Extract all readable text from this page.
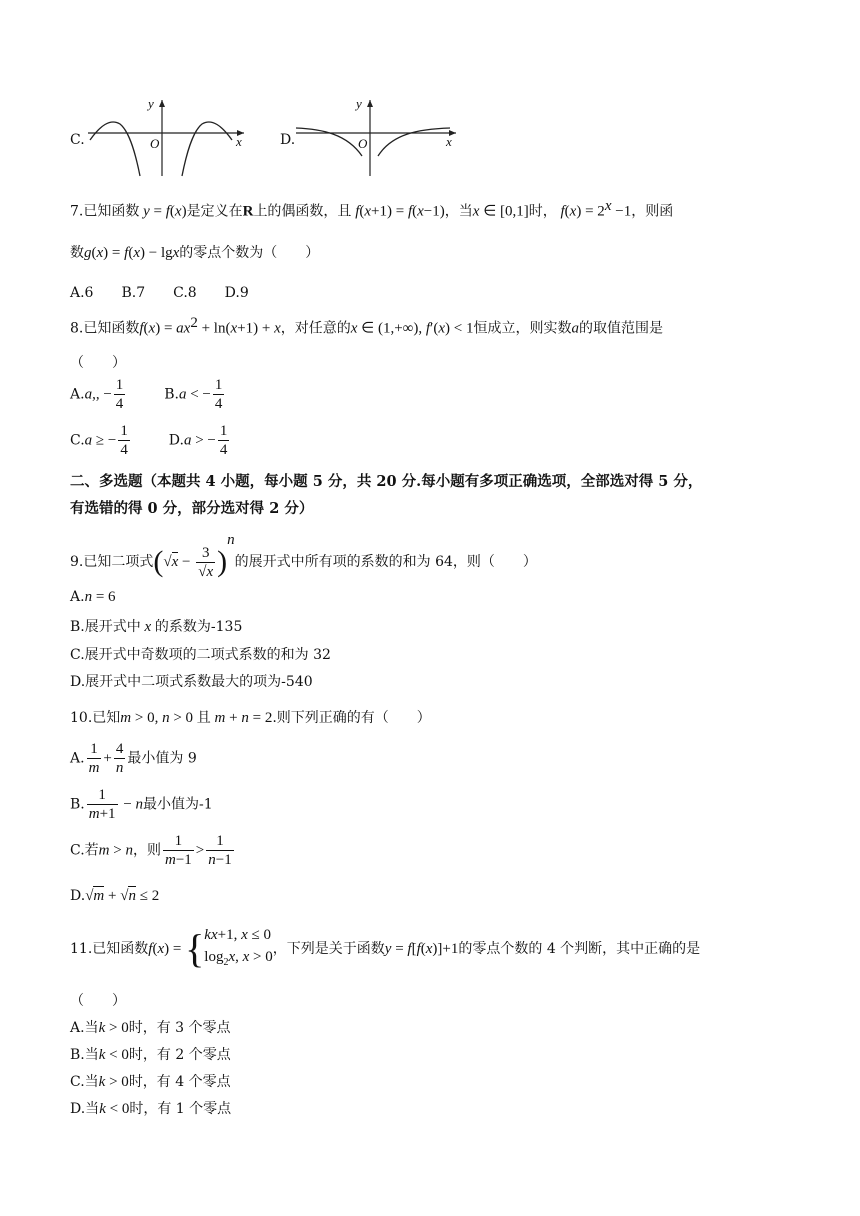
C.
y
O	x	D.
y
O	x
7.已知函数 y = f(x)是定义在R上的偶函数，且 f(x+1) = f(x−1)，当x ∈ [0,1]时， $f(x) = 2^x -1$，则函
数g(x) = f(x) − lgx的零点个数为（　　）
A.6　　B.7　　C.8　　D.9
8.已知函数$f(x) = ax^2 + \ln(x+1) + x$，对任意的x ∈ (1,+∞), f′(x) < 1恒成立，则实数a的取值范围是
（　　）
A.a,, − $\frac{1}{4}$	B.a < − $\frac{1}{4}$
C.a ≥ − $\frac{1}{4}$	D.a > − $\frac{1}{4}$
二、多选题（本题共 4 小题，每小题 5 分，共 20 分.每小题有多项正确选项，全部选对得 5 分，
有选错的得 0 分，部分选对得 2 分）
9.已知二项式$(√x - \frac{3}{√x} )^n$的展开式中所有项的系数的和为 64，则（　　）
A.n = 6
B.展开式中 x 的系数为-135
C.展开式中奇数项的二项式系数的和为 32
D.展开式中二项式系数最大的项为-540
10.已知m > 0, n > 0 且 m + n = 2.则下列正确的有（　　）
A. $\frac{1}{m} + \frac{4}{n}$ 最小值为 9
B. $\frac{1}{m+1} - n$最小值为-1
C.若m > n，则 $\frac{1}{m-1} > \frac{1}{n-1}$
D.√m + √n ≤ 2
11.已知函数f(x) = { kx+1, x ≤ 0
$\log_2x$, x > 0 ，下列是关于函数y = f[f(x)]+1的零点个数的 4 个判断，其中正确的是
（　　）
A.当k > 0时，有 3 个零点
B.当k < 0时，有 2 个零点
C.当k > 0时，有 4 个零点
D.当k < 0时，有 1 个零点
